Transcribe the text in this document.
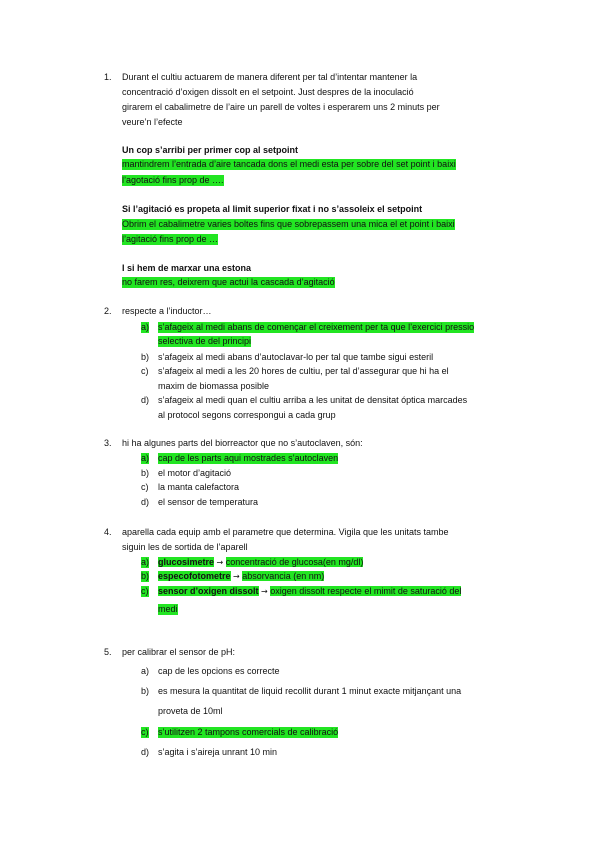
1. Durant el cultiu actuarem de manera diferent per tal d’intentar mantener la
concentració d’oxigen dissolt en el setpoint. Just despres de la inoculació
girarem el cabalimetre de l’aire un parell de voltes i esperarem uns 2 minuts per
veure’n l’efecte
Un cop s’arribi per primer cop al setpoint
mantindrem l’entrada d’aire tancada dons el medi esta per sobre del set point i baixi
l’agotació fins prop de ….
Si l’agitació es propeta al limit superior fixat i no s’assoleix el setpoint
Obrim el cabalimetre varies boltes fins que sobrepassem una mica el et point i baixi
l’agitació fins prop de …
I si hem de marxar una estona
no farem res, deixrem que actui la cascada d’agitació
2. respecte a l’inductor…
a) s’afageix al medi abans de començar el creixement per ta que l’exercici pressio
selectiva de del principi
b) s’afageix al medi abans d’autoclavar-lo per tal que tambe sigui esteril
c) s’afageix al medi a les 20 hores de cultiu, per tal d’assegurar que hi ha el
maxim de biomassa posible
d) s’afageix al medi quan el cultiu arriba a les unitat de densitat óptica marcades
al protocol segons correspongui a cada grup
3. hi ha algunes parts del biorreactor que no s’autoclaven, són:
a) cap de les parts aqui mostrades s’autoclaven
b) el motor d’agitació
c) la manta calefactora
d) el sensor de temperatura
4. aparella cada equip amb el parametre que determina. Vigila que les unitats tambe
siguin les de sortida de l’aparell
a) glucosimetre → concentració de glucosa(en mg/dl)
b) especofotometre → absorvancia (en nm)
c) sensor d’oxigen dissolt → oxigen dissolt respecte el mimit de saturació del
medi
5. per calibrar el sensor de pH:
a) cap de les opcions es correcte
b) es mesura la quantitat de liquid recollit durant 1 minut exacte mitjançant una
proveta de 10ml
c) s’utilitzen 2 tampons comercials de calibració
d) s’agita i s’aireja unrant 10 min
